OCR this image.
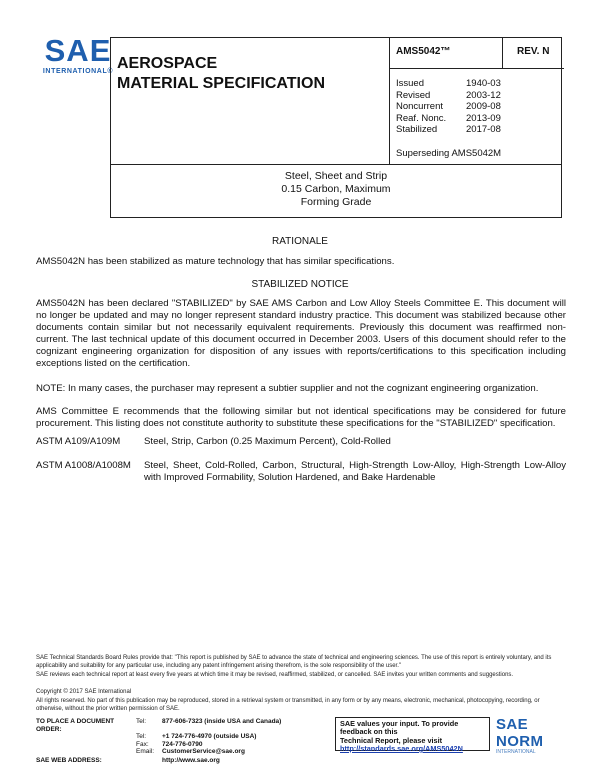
SAE
INTERNATIONAL® AEROSPACE
MATERIAL SPECIFICATION
AMS5042™	REV. N
Issued	1940-03
Revised	2003-12
Noncurrent	2009-08
Reaf. Nonc.	2013-09
Stabilized	2017-08
Superseding AMS5042M
Steel, Sheet and Strip
0.15 Carbon, Maximum
Forming Grade
RATIONALE
AMS5042N has been stabilized as mature technology that has similar specifications.
STABILIZED NOTICE
AMS5042N has been declared "STABILIZED" by SAE AMS Carbon and Low Alloy Steels Committee E. This document will no longer be updated and may no longer represent standard industry practice. This document was stabilized because other documents contain similar but not necessarily equivalent requirements. Previously this document was reaffirmed non-current. The last technical update of this document occurred in December 2003. Users of this document should refer to the cognizant engineering organization for disposition of any issues with reports/certifications to this specification including exceptions listed on the certification.
NOTE: In many cases, the purchaser may represent a subtier supplier and not the cognizant engineering organization.
AMS Committee E recommends that the following similar but not identical specifications may be considered for future procurement. This listing does not constitute authority to substitute these specifications for the "STABILIZED" specification.
ASTM A109/A109M	Steel, Strip, Carbon (0.25 Maximum Percent), Cold-Rolled
ASTM A1008/A1008M	Steel, Sheet, Cold-Rolled, Carbon, Structural, High-Strength Low-Alloy, High-Strength Low-Alloy with Improved Formability, Solution Hardened, and Bake Hardenable
SAE Technical Standards Board Rules provide that: "This report is published by SAE to advance the state of technical and engineering sciences. The use of this report is entirely voluntary, and its applicability and suitability for any particular use, including any patent infringement arising therefrom, is the sole responsibility of the user."
SAE reviews each technical report at least every five years at which time it may be revised, reaffirmed, stabilized, or cancelled. SAE invites your written comments and suggestions.
Copyright © 2017 SAE International
All rights reserved. No part of this publication may be reproduced, stored in a retrieval system or transmitted, in any form or by any means, electronic, mechanical, photocopying, recording, or otherwise, without the prior written permission of SAE.
TO PLACE A DOCUMENT ORDER:
Tel:	877-606-7323 (inside USA and Canada)
Tel:	+1 724-776-4970 (outside USA)
Fax:	724-776-0790
Email:	CustomerService@sae.org
SAE WEB ADDRESS:	http://www.sae.org
SAE values your input. To provide feedback on this
Technical Report, please visit
http://standards.sae.org/AMS5042N
SAE NORM
INTERNATIONAL
